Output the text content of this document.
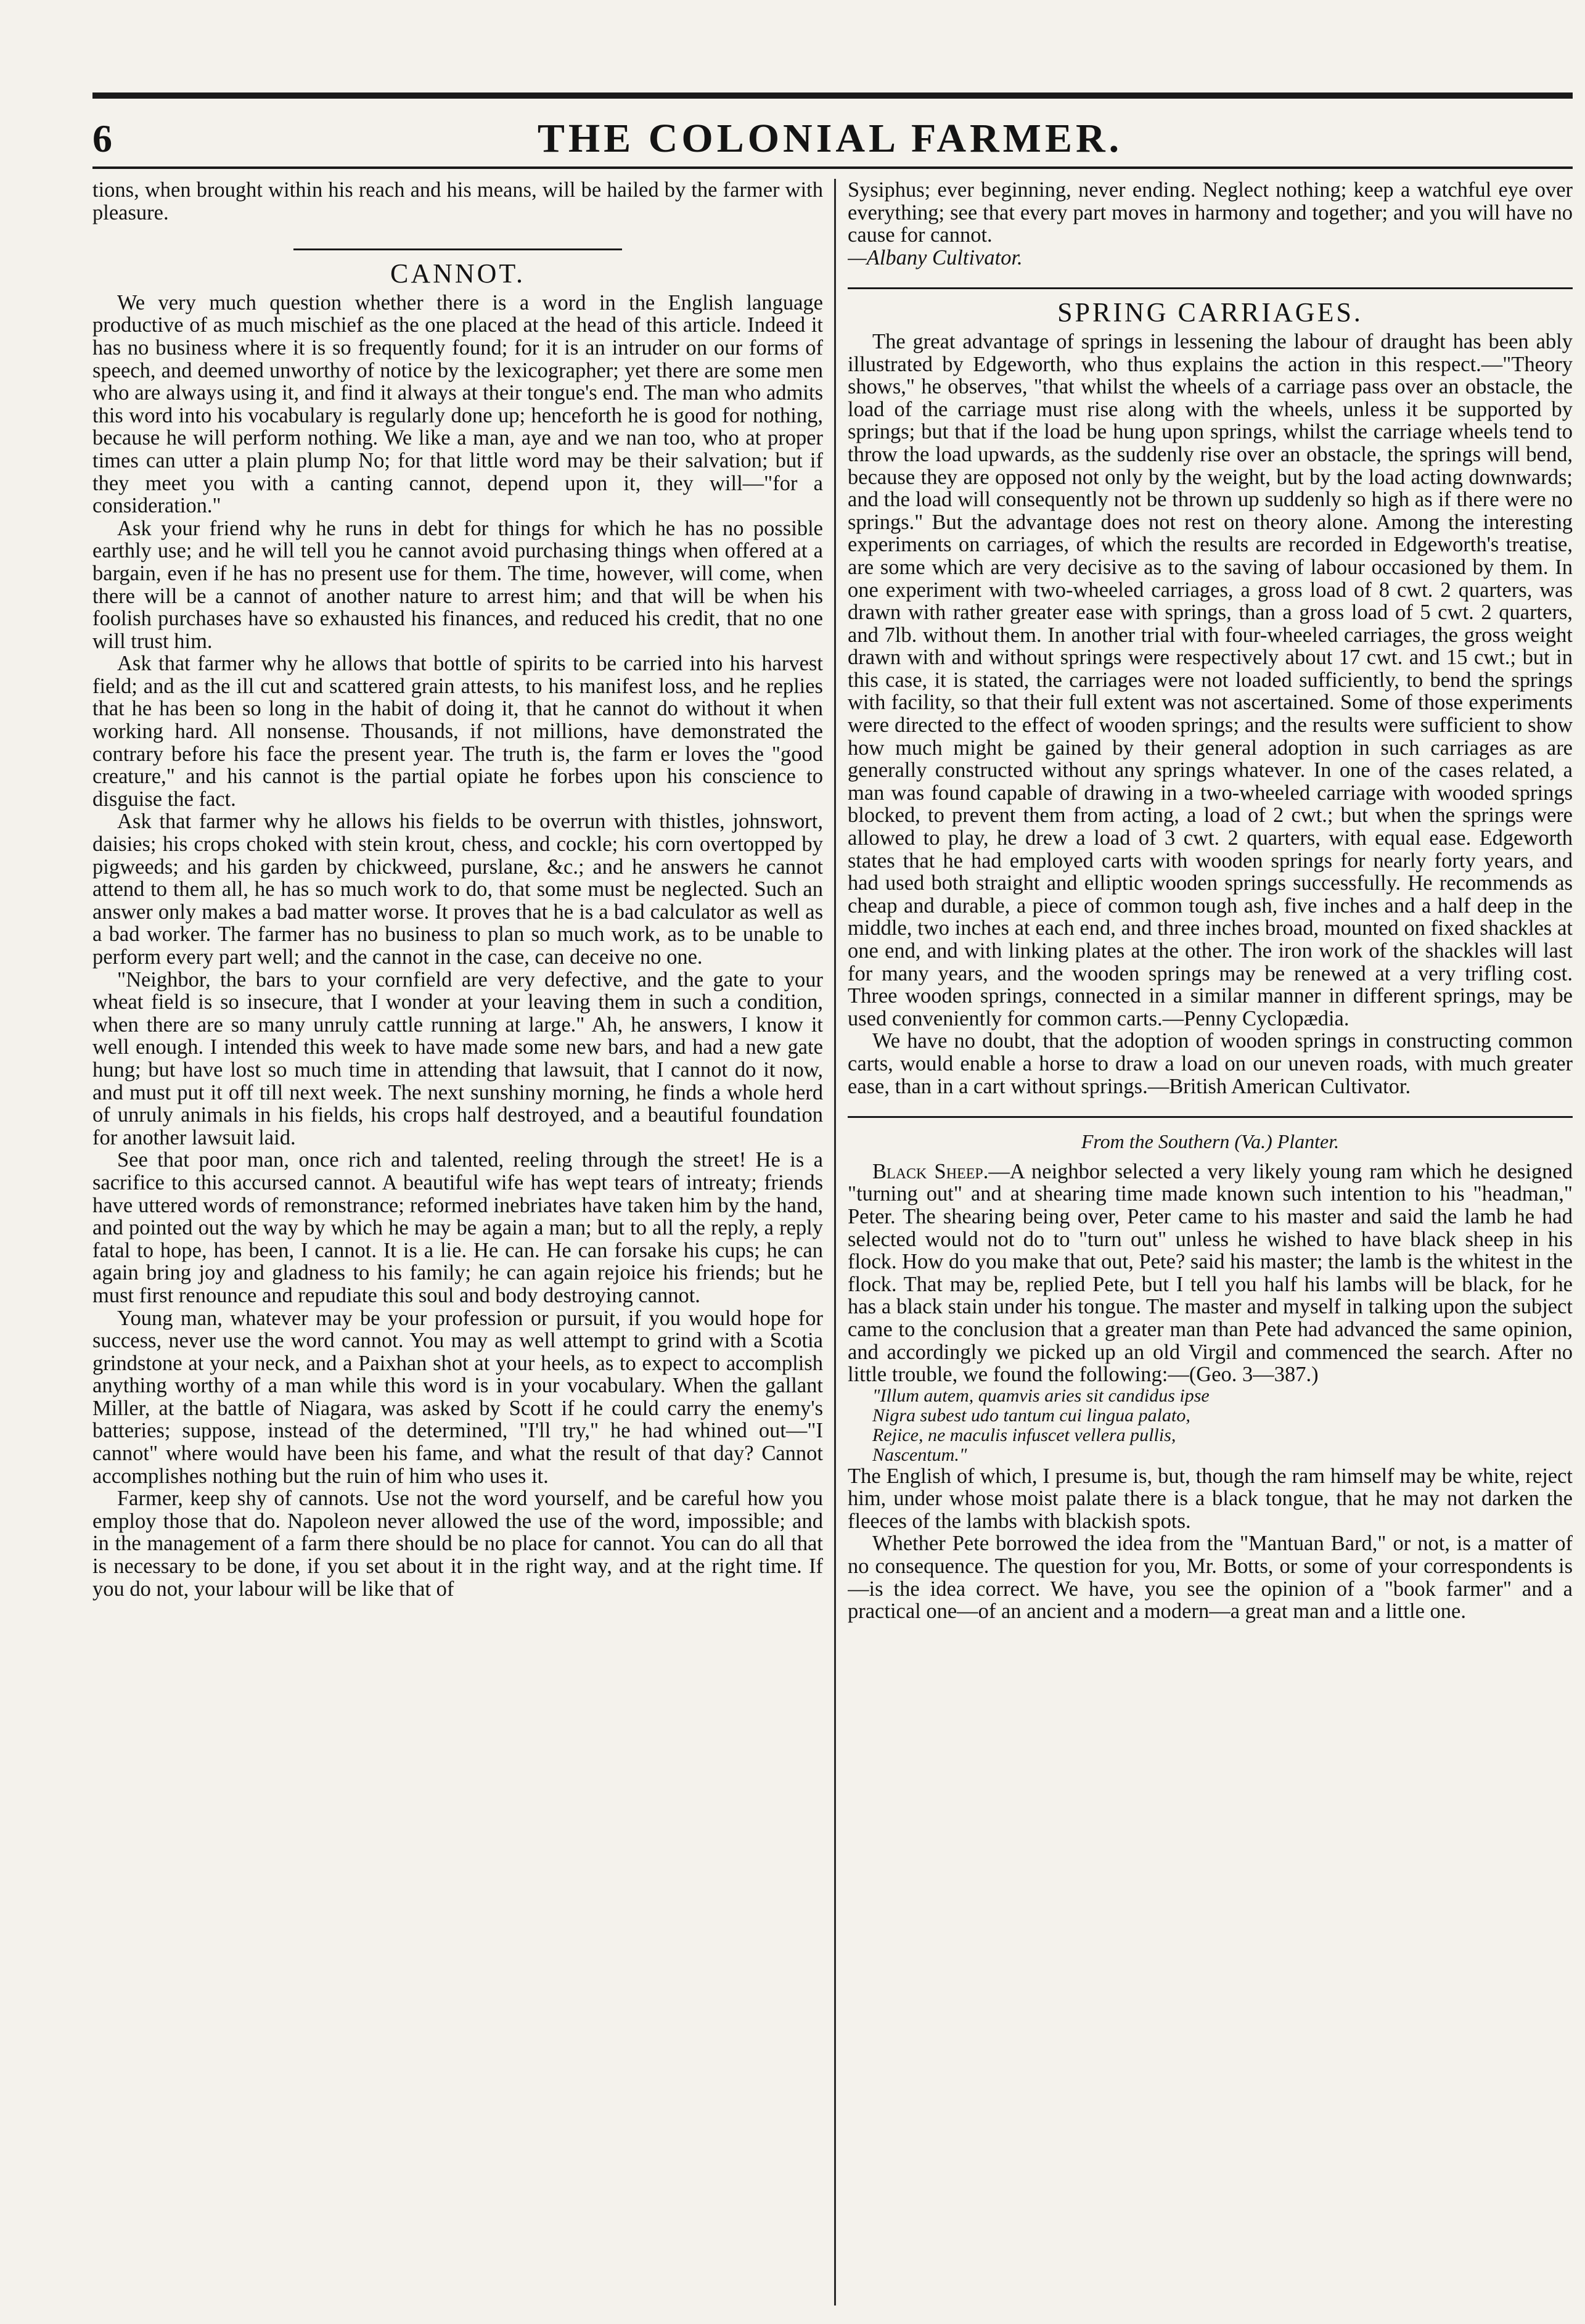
6	THE COLONIAL FARMER.

tions, when brought within his reach and his means, will be hailed by the farmer with pleasure.

CANNOT.

We very much question whether there is a word in the English language productive of as much mischief as the one placed at the head of this article. Indeed it has no business where it is so frequently found; for it is an intruder on our forms of speech, and deemed unworthy of notice by the lexicographer; yet there are some men who are always using it, and find it always at their tongue's end. The man who admits this word into his vocabulary is regularly done up; henceforth he is good for nothing, because he will perform nothing. We like a man, aye and we nan too, who at proper times can utter a plain plump No; for that little word may be their salvation; but if they meet you with a canting cannot, depend upon it, they will—"for a consideration."

Ask your friend why he runs in debt for things for which he has no possible earthly use; and he will tell you he cannot avoid purchasing things when offered at a bargain, even if he has no present use for them. The time, however, will come, when there will be a cannot of another nature to arrest him; and that will be when his foolish purchases have so exhausted his finances, and reduced his credit, that no one will trust him.

Ask that farmer why he allows that bottle of spirits to be carried into his harvest field; and as the ill cut and scattered grain attests, to his manifest loss, and he replies that he has been so long in the habit of doing it, that he cannot do without it when working hard. All nonsense. Thousands, if not millions, have demonstrated the contrary before his face the present year. The truth is, the farm er loves the "good creature," and his cannot is the partial opiate he forbes upon his conscience to disguise the fact.

Ask that farmer why he allows his fields to be overrun with thistles, johnswort, daisies; his crops choked with stein krout, chess, and cockle; his corn overtopped by pigweeds; and his garden by chickweed, purslane, &c.; and he answers he cannot attend to them all, he has so much work to do, that some must be neglected. Such an answer only makes a bad matter worse. It proves that he is a bad calculator as well as a bad worker. The farmer has no business to plan so much work, as to be unable to perform every part well; and the cannot in the case, can deceive no one.

"Neighbor, the bars to your cornfield are very defective, and the gate to your wheat field is so insecure, that I wonder at your leaving them in such a condition, when there are so many unruly cattle running at large." Ah, he answers, I know it well enough. I intended this week to have made some new bars, and had a new gate hung; but have lost so much time in attending that lawsuit, that I cannot do it now, and must put it off till next week. The next sunshiny morning, he finds a whole herd of unruly animals in his fields, his crops half destroyed, and a beautiful foundation for another lawsuit laid.

See that poor man, once rich and talented, reeling through the street! He is a sacrifice to this accursed cannot. A beautiful wife has wept tears of intreaty; friends have uttered words of remonstrance; reformed inebriates have taken him by the hand, and pointed out the way by which he may be again a man; but to all the reply, a reply fatal to hope, has been, I cannot. It is a lie. He can. He can forsake his cups; he can again bring joy and gladness to his family; he can again rejoice his friends; but he must first renounce and repudiate this soul and body destroying cannot.

Young man, whatever may be your profession or pursuit, if you would hope for success, never use the word cannot. You may as well attempt to grind with a Scotia grindstone at your neck, and a Paixhan shot at your heels, as to expect to accomplish anything worthy of a man while this word is in your vocabulary. When the gallant Miller, at the battle of Niagara, was asked by Scott if he could carry the enemy's batteries; suppose, instead of the determined, "I'll try," he had whined out—"I cannot" where would have been his fame, and what the result of that day? Cannot accomplishes nothing but the ruin of him who uses it.

Farmer, keep shy of cannots. Use not the word yourself, and be careful how you employ those that do. Napoleon never allowed the use of the word, impossible; and in the management of a farm there should be no place for cannot. You can do all that is necessary to be done, if you set about it in the right way, and at the right time. If you do not, your labour will be like that of

Sysiphus; ever beginning, never ending. Neglect nothing; keep a watchful eye over everything; see that every part moves in harmony and together; and you will have no cause for cannot.

—Albany Cultivator.

SPRING CARRIAGES.

The great advantage of springs in lessening the labour of draught has been ably illustrated by Edgeworth, who thus explains the action in this respect.—"Theory shows," he observes, "that whilst the wheels of a carriage pass over an obstacle, the load of the carriage must rise along with the wheels, unless it be supported by springs; but that if the load be hung upon springs, whilst the carriage wheels tend to throw the load upwards, as the suddenly rise over an obstacle, the springs will bend, because they are opposed not only by the weight, but by the load acting downwards; and the load will consequently not be thrown up suddenly so high as if there were no springs." But the advantage does not rest on theory alone. Among the interesting experiments on carriages, of which the results are recorded in Edgeworth's treatise, are some which are very decisive as to the saving of labour occasioned by them. In one experiment with two-wheeled carriages, a gross load of 8 cwt. 2 quarters, was drawn with rather greater ease with springs, than a gross load of 5 cwt. 2 quarters, and 7lb. without them. In another trial with four-wheeled carriages, the gross weight drawn with and without springs were respectively about 17 cwt. and 15 cwt.; but in this case, it is stated, the carriages were not loaded sufficiently, to bend the springs with facility, so that their full extent was not ascertained. Some of those experiments were directed to the effect of wooden springs; and the results were sufficient to show how much might be gained by their general adoption in such carriages as are generally constructed without any springs whatever. In one of the cases related, a man was found capable of drawing in a two-wheeled carriage with wooded springs blocked, to prevent them from acting, a load of 2 cwt.; but when the springs were allowed to play, he drew a load of 3 cwt. 2 quarters, with equal ease. Edgeworth states that he had employed carts with wooden springs for nearly forty years, and had used both straight and elliptic wooden springs successfully. He recommends as cheap and durable, a piece of common tough ash, five inches and a half deep in the middle, two inches at each end, and three inches broad, mounted on fixed shackles at one end, and with linking plates at the other. The iron work of the shackles will last for many years, and the wooden springs may be renewed at a very trifling cost. Three wooden springs, connected in a similar manner in different springs, may be used conveniently for common carts.—Penny Cyclopædia.

We have no doubt, that the adoption of wooden springs in constructing common carts, would enable a horse to draw a load on our uneven roads, with much greater ease, than in a cart without springs.—British American Cultivator.

From the Southern (Va.) Planter.

Black Sheep.—A neighbor selected a very likely young ram which he designed "turning out" and at shearing time made known such intention to his "headman," Peter. The shearing being over, Peter came to his master and said the lamb he had selected would not do to "turn out" unless he wished to have black sheep in his flock. How do you make that out, Pete? said his master; the lamb is the whitest in the flock. That may be, replied Pete, but I tell you half his lambs will be black, for he has a black stain under his tongue. The master and myself in talking upon the subject came to the conclusion that a greater man than Pete had advanced the same opinion, and accordingly we picked up an old Virgil and commenced the search. After no little trouble, we found the following:—(Geo. 3—387.)

"Illum autem, quamvis aries sit candidus ipse

Nigra subest udo tantum cui lingua palato,

Rejice, ne maculis infuscet vellera pullis,

Nascentum."

The English of which, I presume is, but, though the ram himself may be white, reject him, under whose moist palate there is a black tongue, that he may not darken the fleeces of the lambs with blackish spots.

Whether Pete borrowed the idea from the "Mantuan Bard," or not, is a matter of no consequence. The question for you, Mr. Botts, or some of your correspondents is—is the idea correct. We have, you see the opinion of a "book farmer" and a practical one—of an ancient and a modern—a great man and a little one.
